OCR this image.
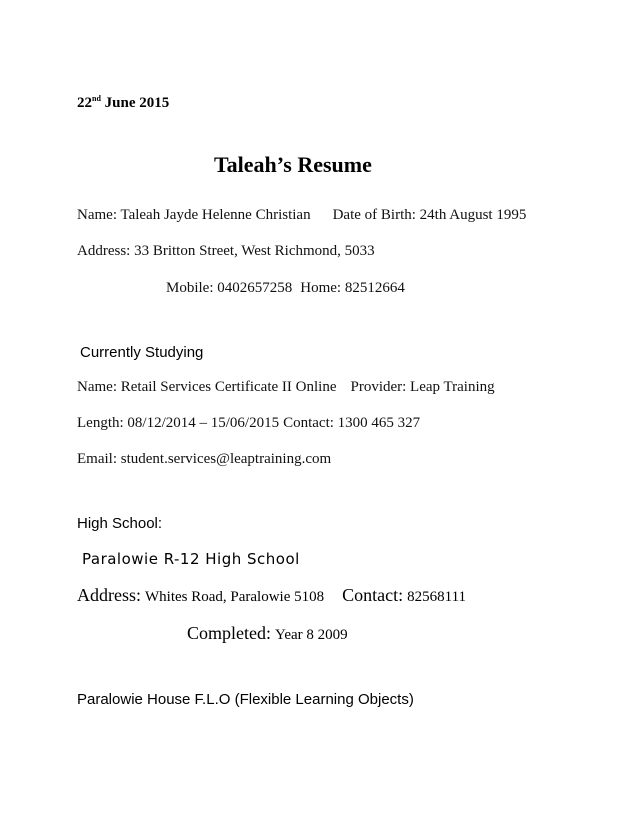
22nd June 2015
Taleah’s Resume
Name: Taleah Jayde Helenne Christian Date of Birth: 24th August 1995
Address: 33 Britton Street, West Richmond, 5033
Mobile: 0402657258 Home: 82512664
Currently Studying
Name: Retail Services Certificate II Online Provider: Leap Training
Length: 08/12/2014 – 15/06/2015 Contact: 1300 465 327
Email: student.services@leaptraining.com
High School:
Paralowie R-12 High School
Address: Whites Road, Paralowie 5108 Contact: 82568111
Completed: Year 8 2009
Paralowie House F.L.O (Flexible Learning Objects)
